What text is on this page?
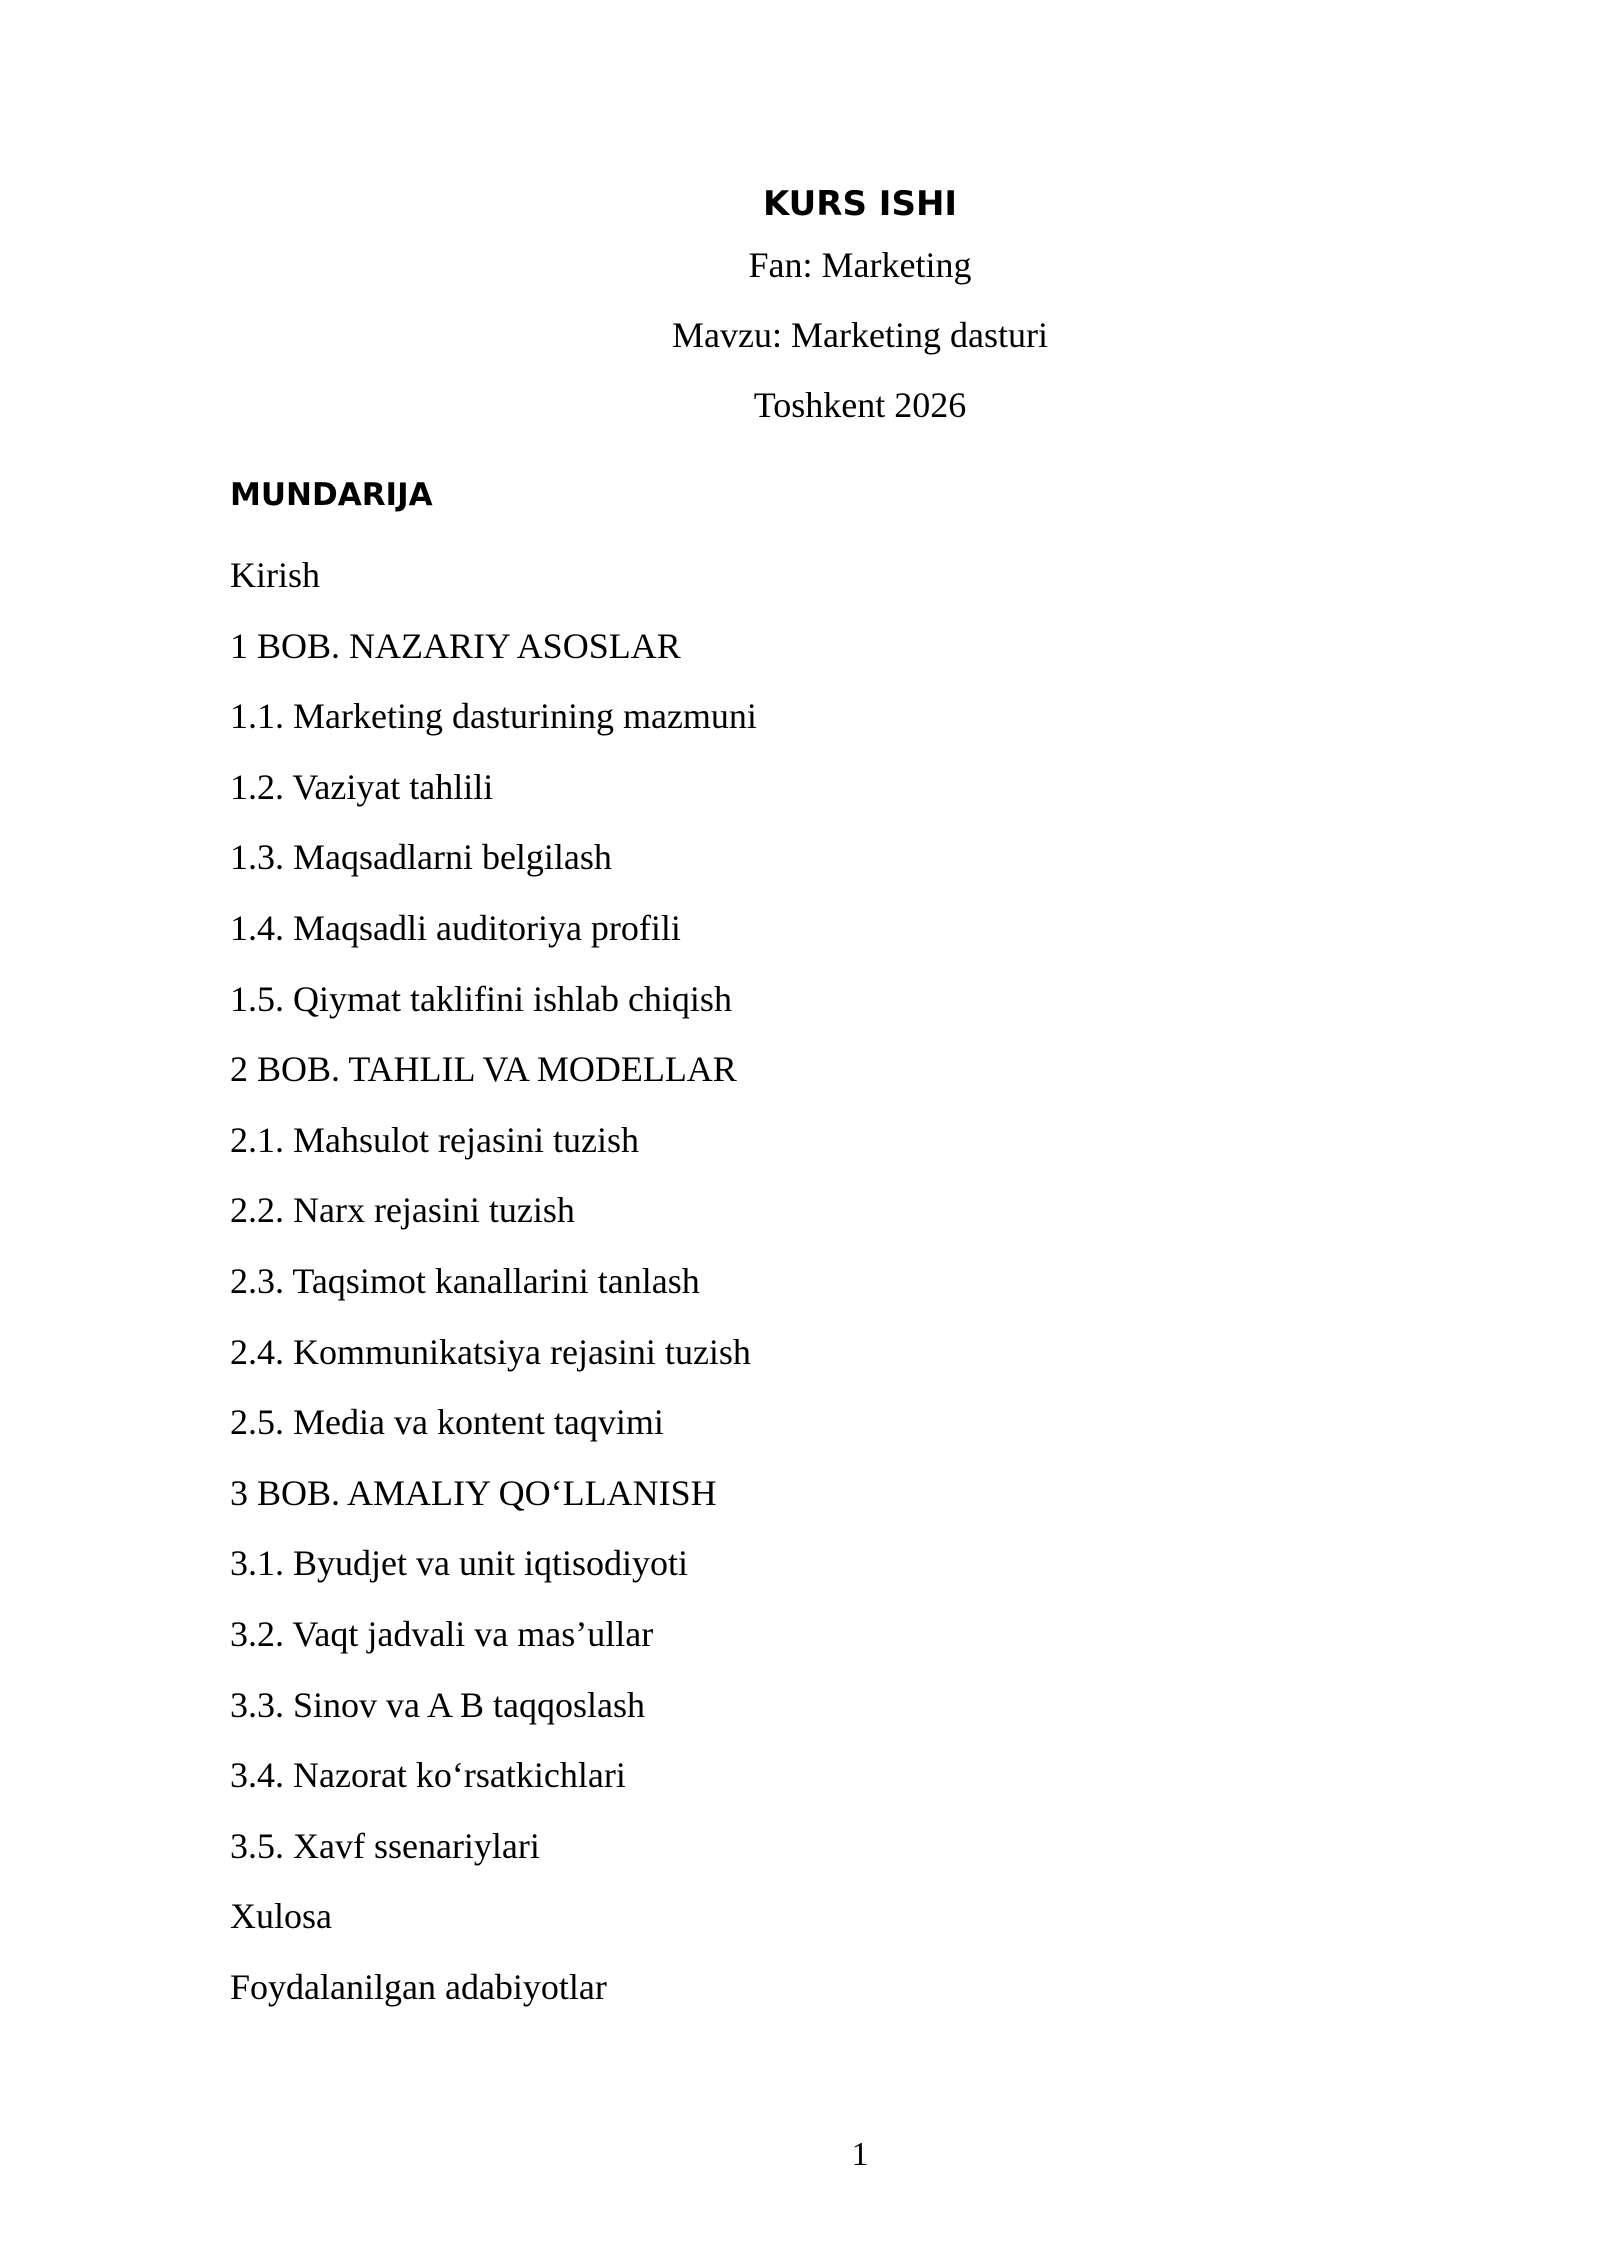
KURS ISHI

Fan: Marketing

Mavzu: Marketing dasturi

Toshkent 2026

MUNDARIJA

Kirish
1 BOB. NAZARIY ASOSLAR
1.1. Marketing dasturining mazmuni
1.2. Vaziyat tahlili
1.3. Maqsadlarni belgilash
1.4. Maqsadli auditoriya profili
1.5. Qiymat taklifini ishlab chiqish
2 BOB. TAHLIL VA MODELLAR
2.1. Mahsulot rejasini tuzish
2.2. Narx rejasini tuzish
2.3. Taqsimot kanallarini tanlash
2.4. Kommunikatsiya rejasini tuzish
2.5. Media va kontent taqvimi
3 BOB. AMALIY QO‘LLANISH
3.1. Byudjet va unit iqtisodiyoti
3.2. Vaqt jadvali va mas’ullar
3.3. Sinov va A B taqqoslash
3.4. Nazorat ko‘rsatkichlari
3.5. Xavf ssenariylari
Xulosa
Foydalanilgan adabiyotlar
1
